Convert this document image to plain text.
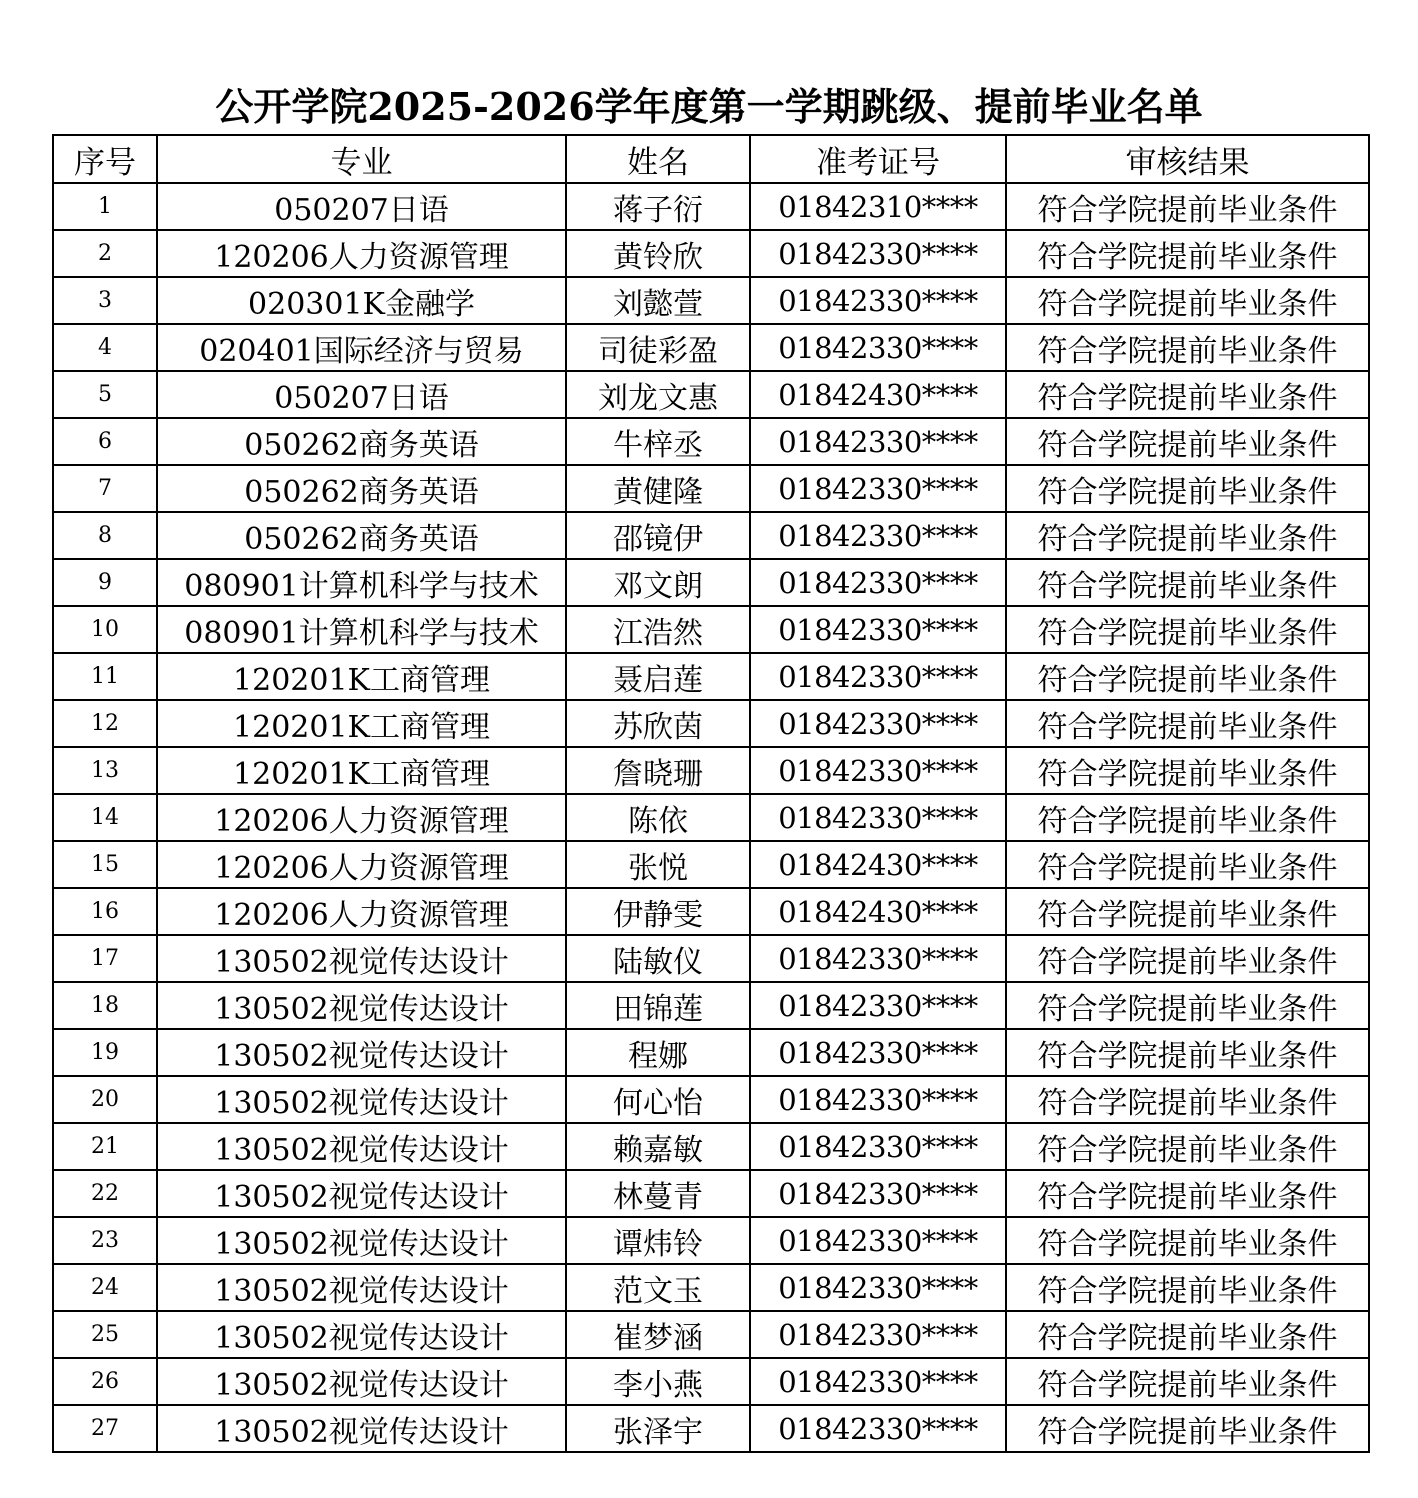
公开学院2025-2026学年度第一学期跳级、提前毕业名单
序号	专业	姓名	准考证号	审核结果
1	050207日语	蒋子衍	01842310****	符合学院提前毕业条件
2	120206人力资源管理	黄铃欣	01842330****	符合学院提前毕业条件
3	020301K金融学	刘懿萱	01842330****	符合学院提前毕业条件
4	020401国际经济与贸易	司徒彩盈	01842330****	符合学院提前毕业条件
5	050207日语	刘龙文惠	01842430****	符合学院提前毕业条件
6	050262商务英语	牛梓丞	01842330****	符合学院提前毕业条件
7	050262商务英语	黄健隆	01842330****	符合学院提前毕业条件
8	050262商务英语	邵镜伊	01842330****	符合学院提前毕业条件
9	080901计算机科学与技术	邓文朗	01842330****	符合学院提前毕业条件
10	080901计算机科学与技术	江浩然	01842330****	符合学院提前毕业条件
11	120201K工商管理	聂启莲	01842330****	符合学院提前毕业条件
12	120201K工商管理	苏欣茵	01842330****	符合学院提前毕业条件
13	120201K工商管理	詹晓珊	01842330****	符合学院提前毕业条件
14	120206人力资源管理	陈依	01842330****	符合学院提前毕业条件
15	120206人力资源管理	张悦	01842430****	符合学院提前毕业条件
16	120206人力资源管理	伊静雯	01842430****	符合学院提前毕业条件
17	130502视觉传达设计	陆敏仪	01842330****	符合学院提前毕业条件
18	130502视觉传达设计	田锦莲	01842330****	符合学院提前毕业条件
19	130502视觉传达设计	程娜	01842330****	符合学院提前毕业条件
20	130502视觉传达设计	何心怡	01842330****	符合学院提前毕业条件
21	130502视觉传达设计	赖嘉敏	01842330****	符合学院提前毕业条件
22	130502视觉传达设计	林蔓青	01842330****	符合学院提前毕业条件
23	130502视觉传达设计	谭炜铃	01842330****	符合学院提前毕业条件
24	130502视觉传达设计	范文玉	01842330****	符合学院提前毕业条件
25	130502视觉传达设计	崔梦涵	01842330****	符合学院提前毕业条件
26	130502视觉传达设计	李小燕	01842330****	符合学院提前毕业条件
27	130502视觉传达设计	张泽宇	01842330****	符合学院提前毕业条件
